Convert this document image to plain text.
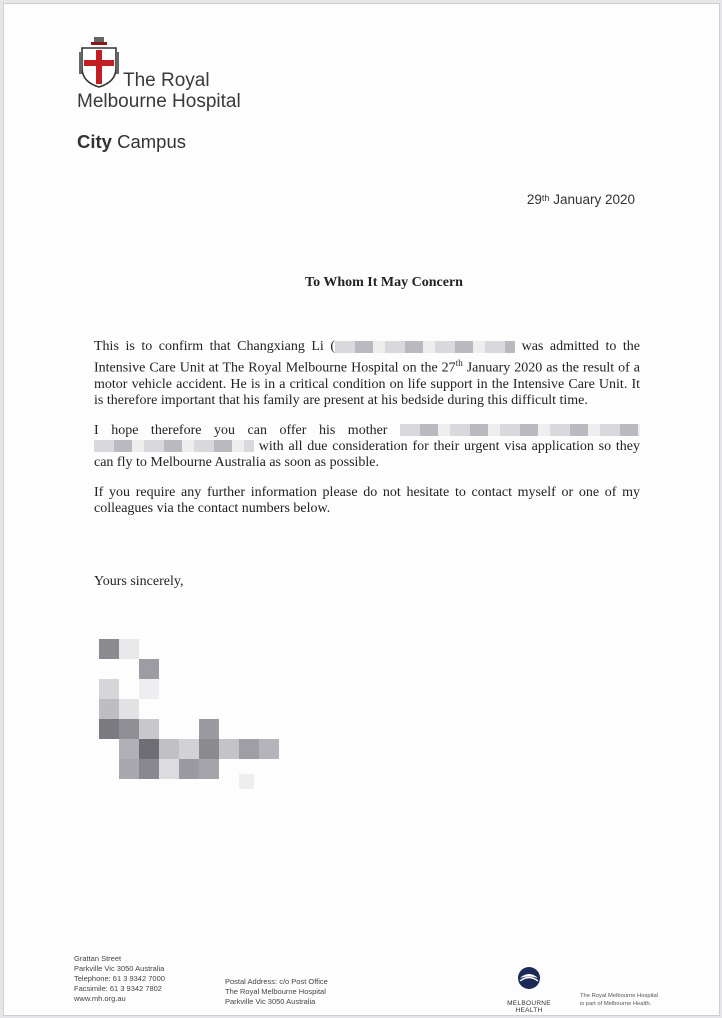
The Royal
Melbourne Hospital
City Campus
29th January 2020
To Whom It May Concern

This is to confirm that Changxiang Li (	was admitted to the Intensive Care Unit at The Royal Melbourne Hospital on the 27th January 2020 as the result of a motor vehicle accident. He is in a critical condition on life support in the Intensive Care Unit. It is therefore important that his family are present at his bedside during this difficult time.

I hope therefore you can offer his mother   with all due consideration for their urgent visa application so they can fly to Melbourne Australia as soon as possible.

If you require any further information please do not hesitate to contact myself or one of my colleagues via the contact numbers below.

Yours sincerely,
Grattan Street
Parkville Vic 3050 Australia
Telephone: 61 3 9342 7000
Facsimile: 61 3 9342 7802
www.mh.org.au
Postal Address: c/o Post Office
The Royal Melbourne Hospital
Parkville Vic 3050 Australia	MELBOURNE HEALTH
The Royal Melbourne Hospital
is part of Melbourne Health.
